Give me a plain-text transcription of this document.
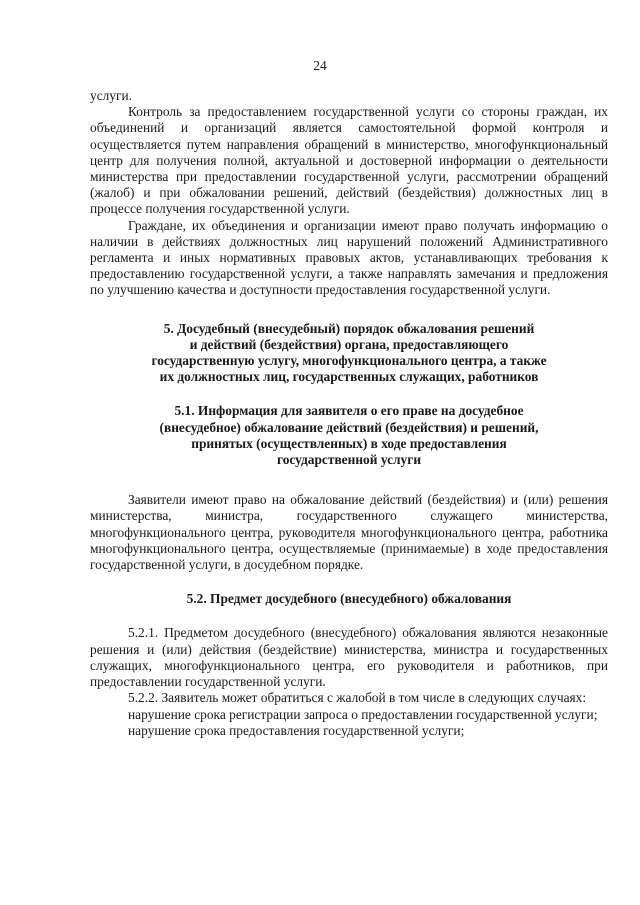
24

услуги.

Контроль за предоставлением государственной услуги со стороны граждан, их объединений и организаций является самостоятельной формой контроля и осуществляется путем направления обращений в министерство, многофункциональный центр для получения полной, актуальной и достоверной информации о деятельности министерства при предоставлении государственной услуги, рассмотрении обращений (жалоб) и при обжаловании решений, действий (бездействия) должностных лиц в процессе получения государственной услуги.

Граждане, их объединения и организации имеют право получать информацию о наличии в действиях должностных лиц нарушений положений Административного регламента и иных нормативных правовых актов, устанавливающих требования к предоставлению государственной услуги, а также направлять замечания и предложения по улучшению качества и доступности предоставления государственной услуги.

5. Досудебный (внесудебный) порядок обжалования решений
и действий (бездействия) органа, предоставляющего
государственную услугу, многофункционального центра, а также
их должностных лиц, государственных служащих, работников
5.1. Информация для заявителя о его праве на досудебное
(внесудебное) обжалование действий (бездействия) и решений,
принятых (осуществленных) в ходе предоставления
государственной услуги

Заявители имеют право на обжалование действий (бездействия) и (или) решения министерства, министра, государственного служащего министерства, многофункционального центра, руководителя многофункционального центра, работника многофункционального центра, осуществляемые (принимаемые) в ходе предоставления государственной услуги, в досудебном порядке.

5.2. Предмет досудебного (внесудебного) обжалования

5.2.1. Предметом досудебного (внесудебного) обжалования являются незаконные решения и (или) действия (бездействие) министерства, министра и государственных служащих, многофункционального центра, его руководителя и работников, при предоставлении государственной услуги.

5.2.2. Заявитель может обратиться с жалобой в том числе в следующих случаях:

нарушение срока регистрации запроса о предоставлении государственной услуги;

нарушение срока предоставления государственной услуги;
